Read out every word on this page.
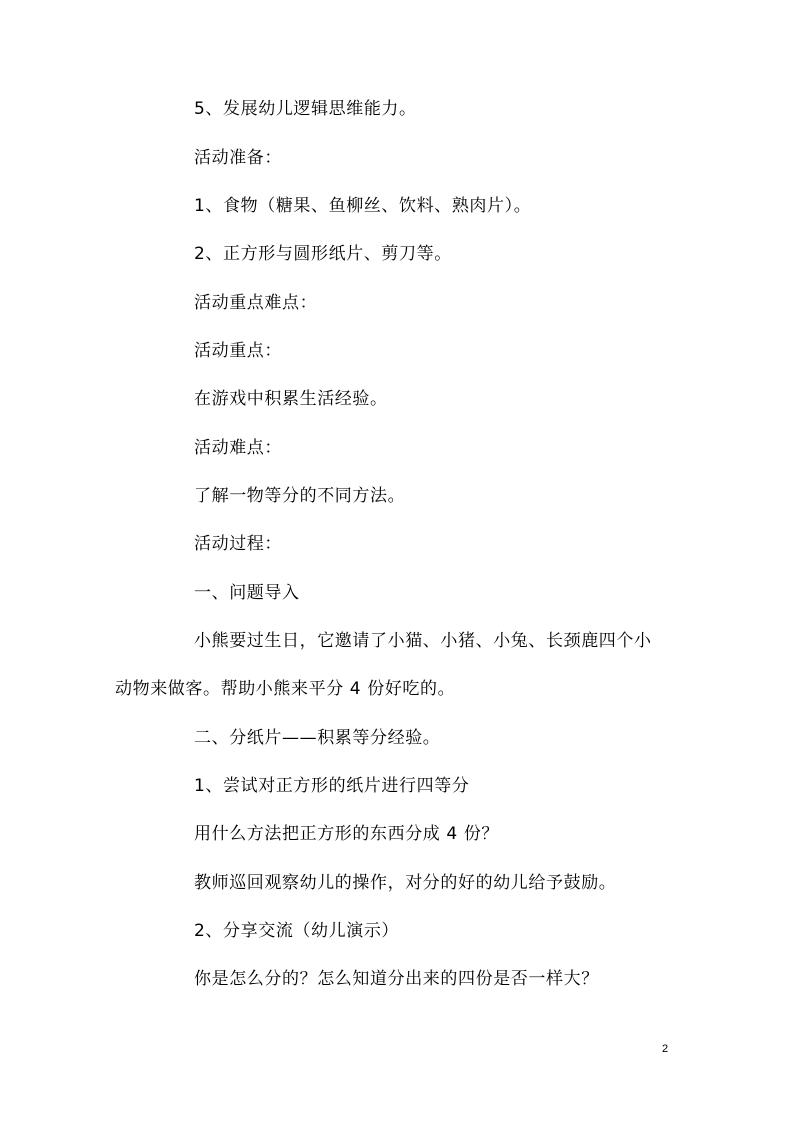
5、发展幼儿逻辑思维能力。
活动准备：
1、食物（糖果、鱼柳丝、饮料、熟肉片）。
2、正方形与圆形纸片、剪刀等。
活动重点难点：
活动重点：
在游戏中积累生活经验。
活动难点：
了解一物等分的不同方法。
活动过程：
一、问题导入
小熊要过生日，它邀请了小猫、小猪、小兔、长颈鹿四个小
动物来做客。帮助小熊来平分 4 份好吃的。
二、分纸片——积累等分经验。
1、尝试对正方形的纸片进行四等分
用什么方法把正方形的东西分成 4 份？
教师巡回观察幼儿的操作，对分的好的幼儿给予鼓励。
2、分享交流（幼儿演示）
你是怎么分的？怎么知道分出来的四份是否一样大？
2
